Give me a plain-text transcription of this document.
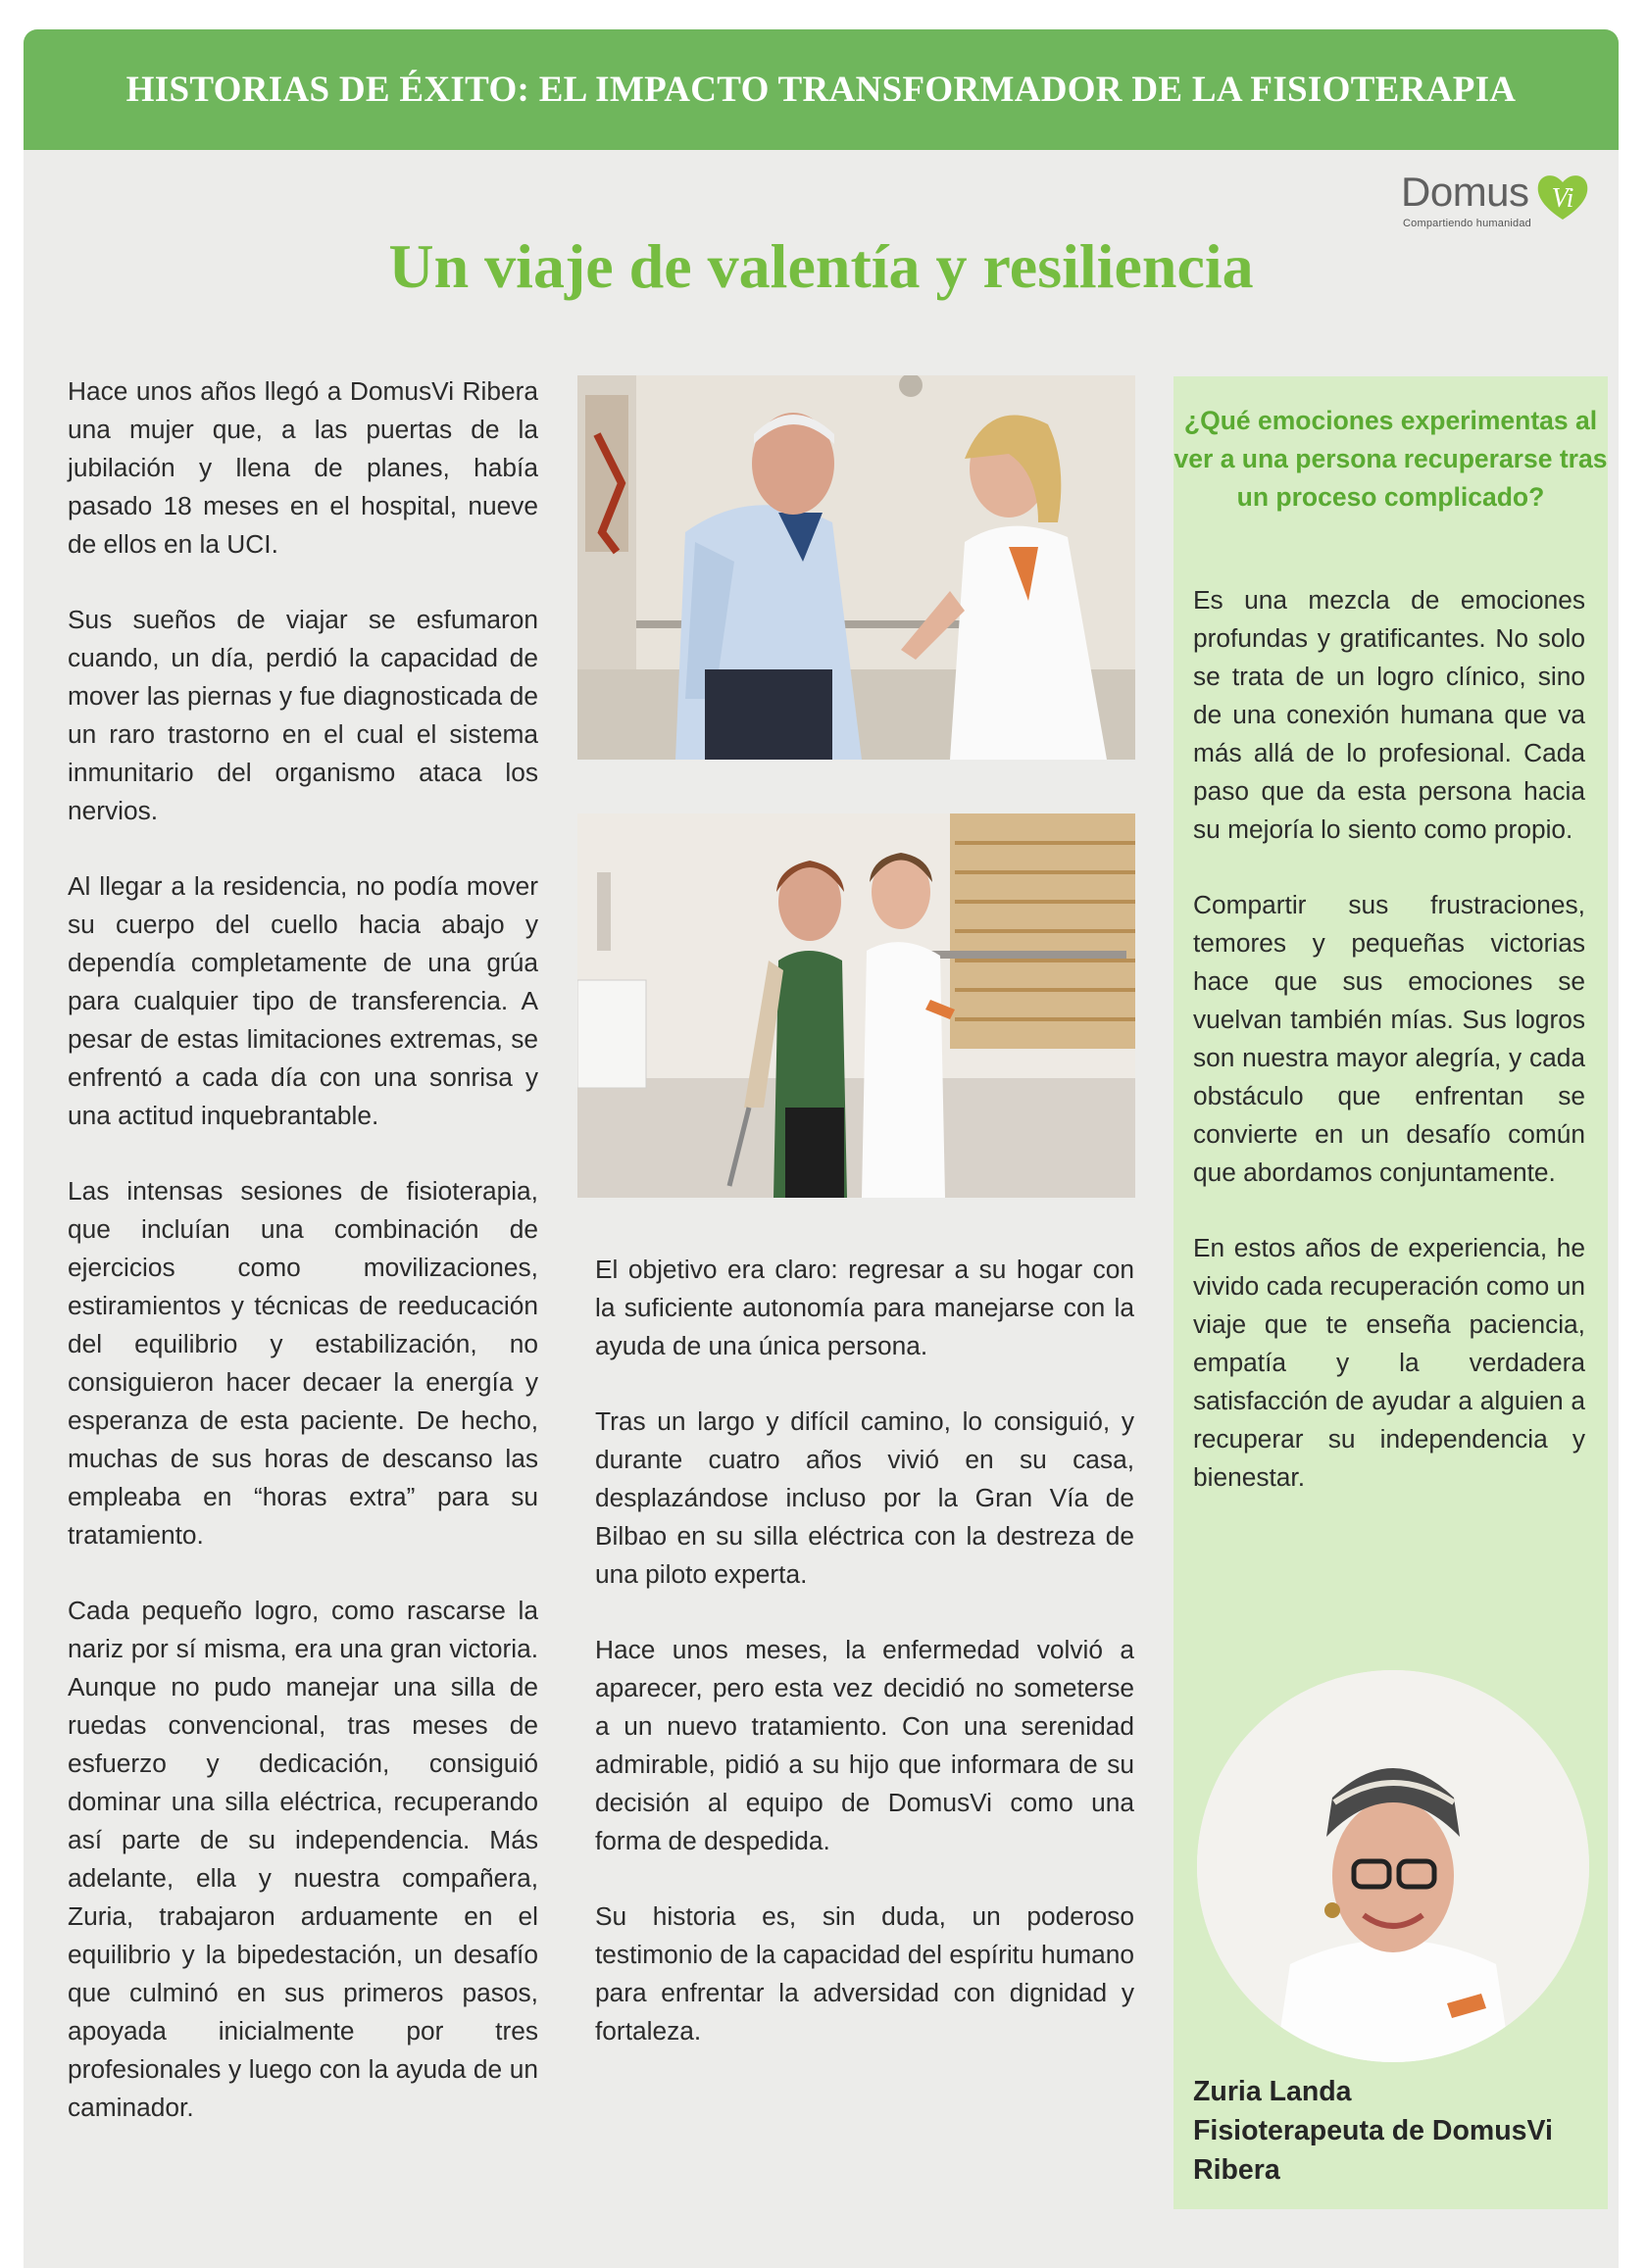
HISTORIAS DE ÉXITO: EL IMPACTO TRANSFORMADOR DE LA FISIOTERAPIA
Domus Vi
Compartiendo humanidad
Un viaje de valentía y resiliencia

Hace unos años llegó a DomusVi Ribera una mujer que, a las puertas de la jubilación y llena de planes, había pasado 18 meses en el hospital, nueve de ellos en la UCI.

Sus sueños de viajar se esfumaron cuando, un día, perdió la capacidad de mover las piernas y fue diagnosticada de un raro trastorno en el cual el sistema inmunitario del organismo ataca los nervios.

Al llegar a la residencia, no podía mover su cuerpo del cuello hacia abajo y dependía completamente de una grúa para cualquier tipo de transferencia. A pesar de estas limitaciones extremas, se enfrentó a cada día con una sonrisa y una actitud inquebrantable.

Las intensas sesiones de fisioterapia, que incluían una combinación de ejercicios como movilizaciones, estiramientos y técnicas de reeducación del equilibrio y estabilización, no consiguieron hacer decaer la energía y esperanza de esta paciente. De hecho, muchas de sus horas de descanso las empleaba en “horas extra” para su tratamiento.

Cada pequeño logro, como rascarse la nariz por sí misma, era una gran victoria. Aunque no pudo manejar una silla de ruedas convencional, tras meses de esfuerzo y dedicación, consiguió dominar una silla eléctrica, recuperando así parte de su independencia. Más adelante, ella y nuestra compañera, Zuria, trabajaron arduamente en el equilibrio y la bipedestación, un desafío que culminó en sus primeros pasos, apoyada inicialmente por tres profesionales y luego con la ayuda de un caminador.

El objetivo era claro: regresar a su hogar con la suficiente autonomía para manejarse con la ayuda de una única persona.

Tras un largo y difícil camino, lo consiguió, y durante cuatro años vivió en su casa, desplazándose incluso por la Gran Vía de Bilbao en su silla eléctrica con la destreza de una piloto experta.

Hace unos meses, la enfermedad volvió a aparecer, pero esta vez decidió no someterse a un nuevo tratamiento. Con una serenidad admirable, pidió a su hijo que informara de su decisión al equipo de DomusVi como una forma de despedida.

Su historia es, sin duda, un poderoso testimonio de la capacidad del espíritu humano para enfrentar la adversidad con dignidad y fortaleza.

¿Qué emociones experimentas al ver a una persona recuperarse tras un proceso complicado?

Es una mezcla de emociones profundas y gratificantes. No solo se trata de un logro clínico, sino de una conexión humana que va más allá de lo profesional. Cada paso que da esta persona hacia su mejoría lo siento como propio.

Compartir sus frustraciones, temores y pequeñas victorias hace que sus emociones se vuelvan también mías. Sus logros son nuestra mayor alegría, y cada obstáculo que enfrentan se convierte en un desafío común que abordamos conjuntamente.

En estos años de experiencia, he vivido cada recuperación como un viaje que te enseña paciencia, empatía y la verdadera satisfacción de ayudar a alguien a recuperar su independencia y bienestar.

Zuria Landa
Fisioterapeuta de DomusVi
Ribera
